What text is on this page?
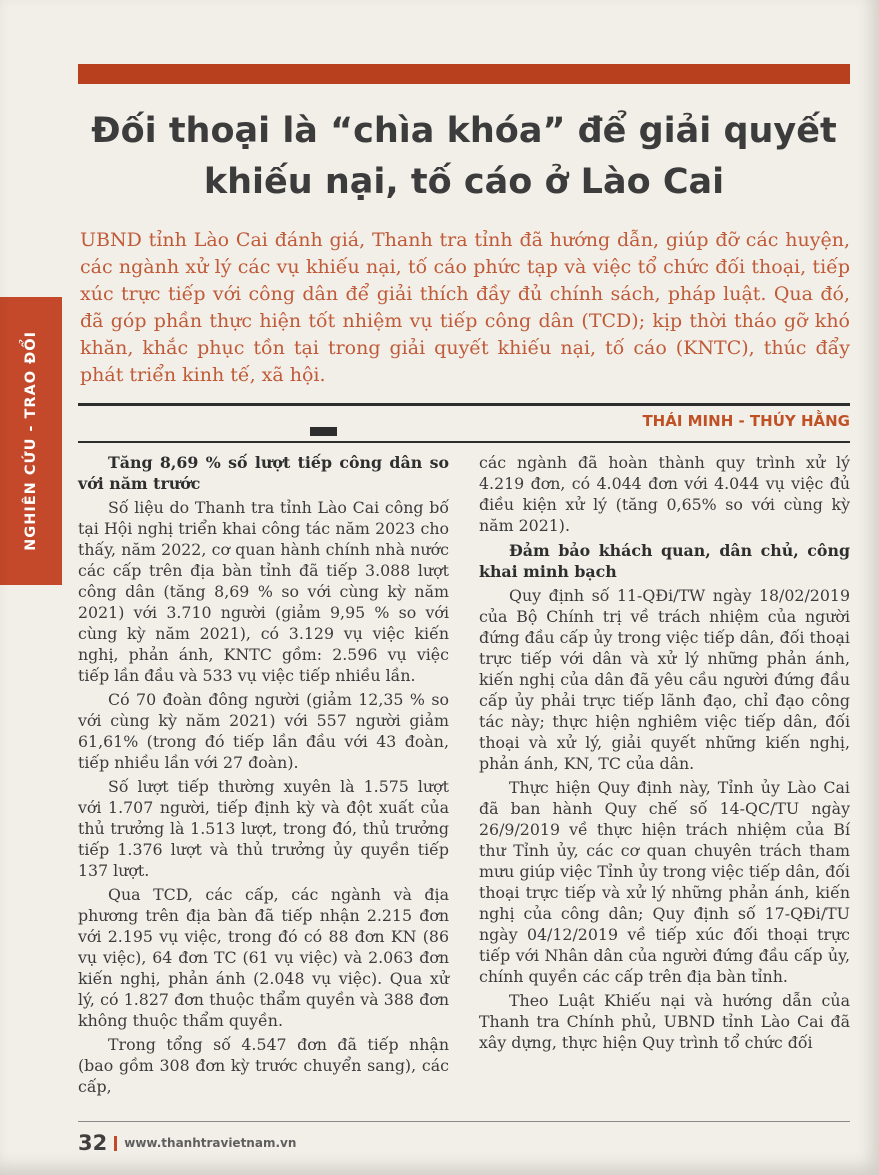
NGHIÊN CỨU - TRAO ĐỔI
Đối thoại là “chìa khóa” để giải quyết
khiếu nại, tố cáo ở Lào Cai

UBND tỉnh Lào Cai đánh giá, Thanh tra tỉnh đã hướng dẫn, giúp đỡ các huyện, các ngành xử lý các vụ khiếu nại, tố cáo phức tạp và việc tổ chức đối thoại, tiếp xúc trực tiếp với công dân để giải thích đầy đủ chính sách, pháp luật. Qua đó, đã góp phần thực hiện tốt nhiệm vụ tiếp công dân (TCD); kịp thời tháo gỡ khó khăn, khắc phục tồn tại trong giải quyết khiếu nại, tố cáo (KNTC), thúc đẩy phát triển kinh tế, xã hội.

THÁI MINH - THÚY HẰNG
Tăng 8,69 % số lượt tiếp công dân so với năm trước

Số liệu do Thanh tra tỉnh Lào Cai công bố tại Hội nghị triển khai công tác năm 2023 cho thấy, năm 2022, cơ quan hành chính nhà nước các cấp trên địa bàn tỉnh đã tiếp 3.088 lượt công dân (tăng 8,69 % so với cùng kỳ năm 2021) với 3.710 người (giảm 9,95 % so với cùng kỳ năm 2021), có 3.129 vụ việc kiến nghị, phản ánh, KNTC gồm: 2.596 vụ việc tiếp lần đầu và 533 vụ việc tiếp nhiều lần.

Có 70 đoàn đông người (giảm 12,35 % so với cùng kỳ năm 2021) với 557 người giảm 61,61% (trong đó tiếp lần đầu với 43 đoàn, tiếp nhiều lần với 27 đoàn).

Số lượt tiếp thường xuyên là 1.575 lượt với 1.707 người, tiếp định kỳ và đột xuất của thủ trưởng là 1.513 lượt, trong đó, thủ trưởng tiếp 1.376 lượt và thủ trưởng ủy quyền tiếp 137 lượt.

Qua TCD, các cấp, các ngành và địa phương trên địa bàn đã tiếp nhận 2.215 đơn với 2.195 vụ việc, trong đó có 88 đơn KN (86 vụ việc), 64 đơn TC (61 vụ việc) và 2.063 đơn kiến nghị, phản ánh (2.048 vụ việc). Qua xử lý, có 1.827 đơn thuộc thẩm quyền và 388 đơn không thuộc thẩm quyền.

Trong tổng số 4.547 đơn đã tiếp nhận (bao gồm 308 đơn kỳ trước chuyển sang), các cấp,

các ngành đã hoàn thành quy trình xử lý 4.219 đơn, có 4.044 đơn với 4.044 vụ việc đủ điều kiện xử lý (tăng 0,65% so với cùng kỳ năm 2021).

Đảm bảo khách quan, dân chủ, công khai minh bạch

Quy định số 11-QĐi/TW ngày 18/02/2019 của Bộ Chính trị về trách nhiệm của người đứng đầu cấp ủy trong việc tiếp dân, đối thoại trực tiếp với dân và xử lý những phản ánh, kiến nghị của dân đã yêu cầu người đứng đầu cấp ủy phải trực tiếp lãnh đạo, chỉ đạo công tác này; thực hiện nghiêm việc tiếp dân, đối thoại và xử lý, giải quyết những kiến nghị, phản ánh, KN, TC của dân.

Thực hiện Quy định này, Tỉnh ủy Lào Cai đã ban hành Quy chế số 14-QC/TU ngày 26/9/2019 về thực hiện trách nhiệm của Bí thư Tỉnh ủy, các cơ quan chuyên trách tham mưu giúp việc Tỉnh ủy trong việc tiếp dân, đối thoại trực tiếp và xử lý những phản ánh, kiến nghị của công dân; Quy định số 17-QĐi/TU ngày 04/12/2019 về tiếp xúc đối thoại trực tiếp với Nhân dân của người đứng đầu cấp ủy, chính quyền các cấp trên địa bàn tỉnh.

Theo Luật Khiếu nại và hướng dẫn của Thanh tra Chính phủ, UBND tỉnh Lào Cai đã xây dựng, thực hiện Quy trình tổ chức đối

32 www.thanhtravietnam.vn
